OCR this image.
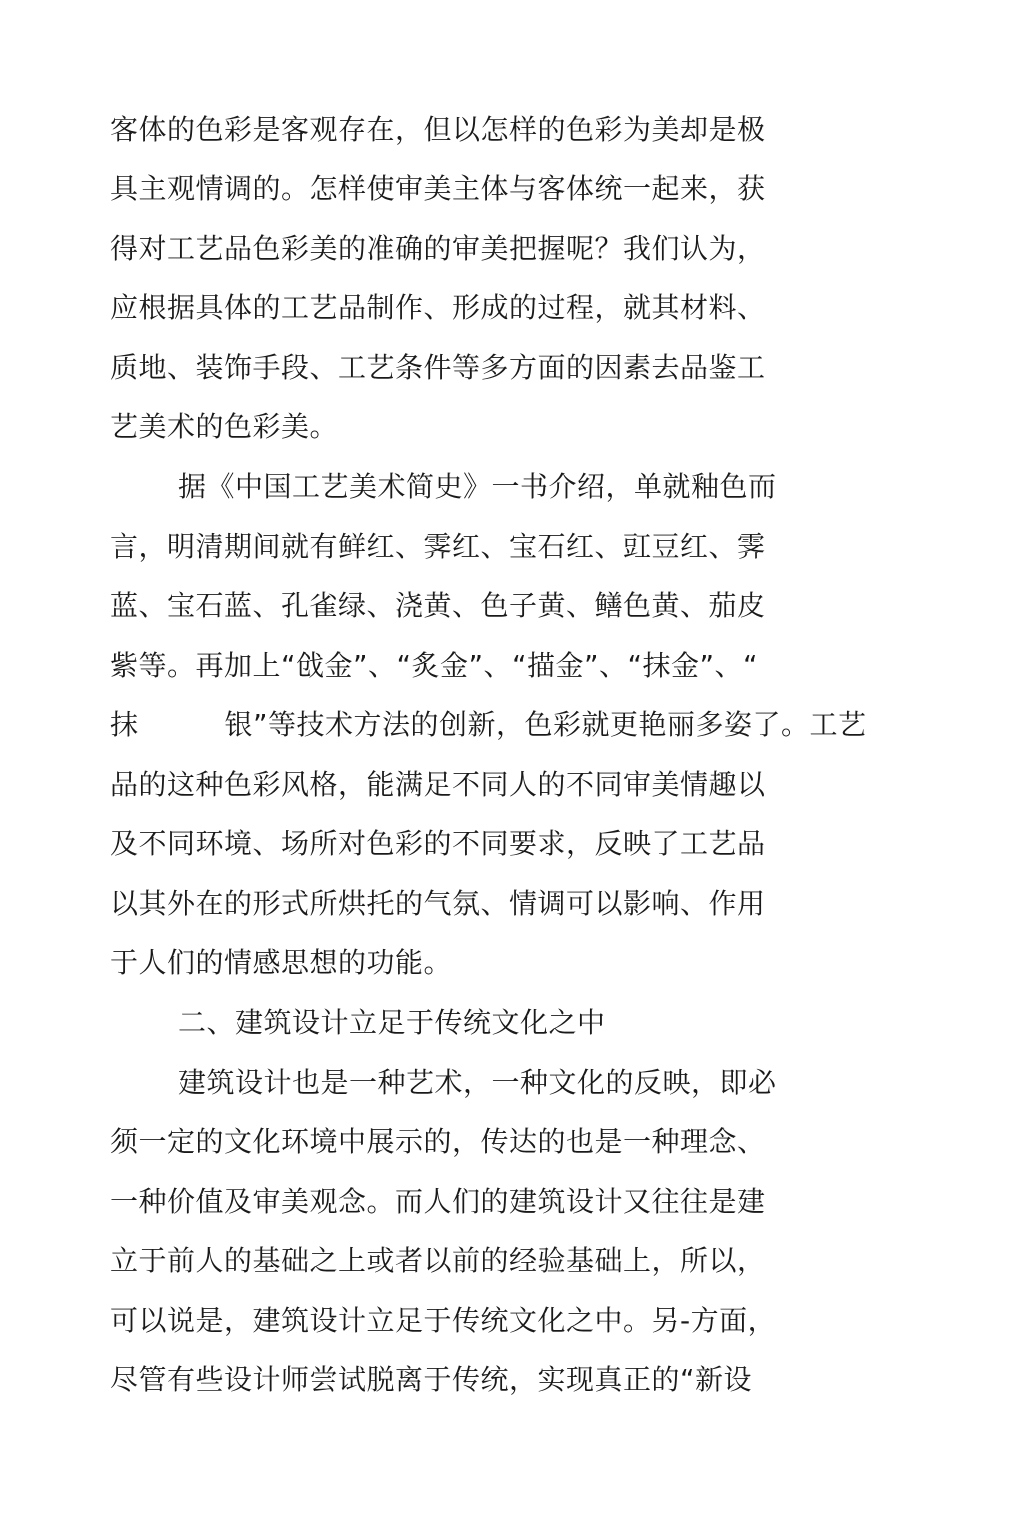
客体的色彩是客观存在，但以怎样的色彩为美却是极
具主观情调的。怎样使审美主体与客体统一起来，获
得对工艺品色彩美的准确的审美把握呢？我们认为，
应根据具体的工艺品制作、形成的过程，就其材料、
质地、装饰手段、工艺条件等多方面的因素去品鉴工
艺美术的色彩美。
据《中国工艺美术简史》一书介绍，单就釉色而
言，明清期间就有鲜红、霁红、宝石红、豇豆红、霁
蓝、宝石蓝、孔雀绿、浇黄、色子黄、鳝色黄、茄皮
紫等。再加上“戗金”、“炙金”、“描金”、“抹金”、“
抹	银”等技术方法的创新，色彩就更艳丽多姿了。工艺
品的这种色彩风格，能满足不同人的不同审美情趣以
及不同环境、场所对色彩的不同要求，反映了工艺品
以其外在的形式所烘托的气氛、情调可以影响、作用
于人们的情感思想的功能。
二、建筑设计立足于传统文化之中
建筑设计也是一种艺术，一种文化的反映，即必
须一定的文化环境中展示的，传达的也是一种理念、
一种价值及审美观念。而人们的建筑设计又往往是建
立于前人的基础之上或者以前的经验基础上，所以，
可以说是，建筑设计立足于传统文化之中。另-方面，
尽管有些设计师尝试脱离于传统，实现真正的“新设
